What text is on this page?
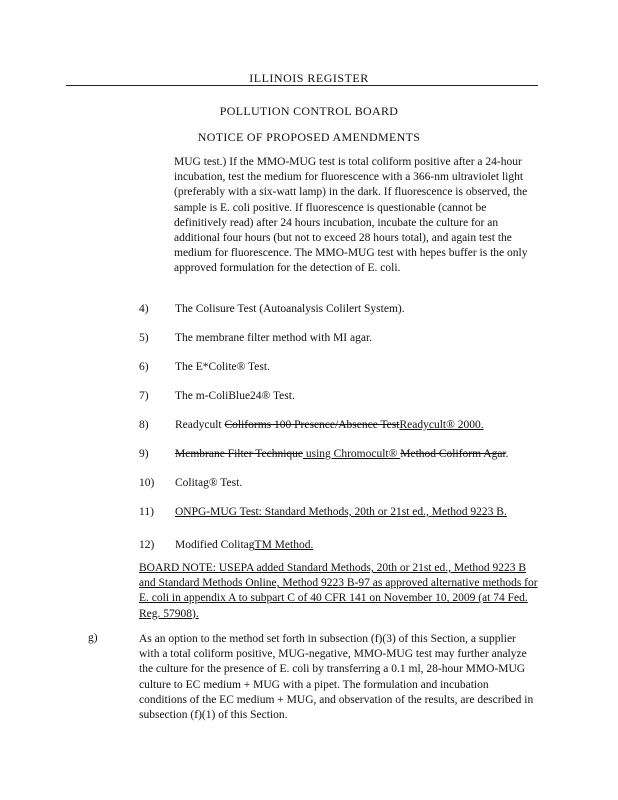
ILLINOIS REGISTER
POLLUTION CONTROL BOARD
NOTICE OF PROPOSED AMENDMENTS
MUG test.) If the MMO-MUG test is total coliform positive after a 24-hour incubation, test the medium for fluorescence with a 366-nm ultraviolet light (preferably with a six-watt lamp) in the dark. If fluorescence is observed, the sample is E. coli positive. If fluorescence is questionable (cannot be definitively read) after 24 hours incubation, incubate the culture for an additional four hours (but not to exceed 28 hours total), and again test the medium for fluorescence. The MMO-MUG test with hepes buffer is the only approved formulation for the detection of E. coli.
4) The Colisure Test (Autoanalysis Colilert System).
5) The membrane filter method with MI agar.
6) The E*Colite® Test.
7) The m-ColiBlue24® Test.
8) Readycult Coliforms 100 Presence/Absence TestReadycult® 2000.
9) Membrane Filter Technique using Chromocult® Method Coliform Agar.
10) Colitag® Test.
11) ONPG-MUG Test: Standard Methods, 20th or 21st ed., Method 9223 B.
12) Modified ColitagTM Method.
BOARD NOTE: USEPA added Standard Methods, 20th or 21st ed., Method 9223 B and Standard Methods Online, Method 9223 B-97 as approved alternative methods for E. coli in appendix A to subpart C of 40 CFR 141 on November 10, 2009 (at 74 Fed. Reg. 57908).
g)	As an option to the method set forth in subsection (f)(3) of this Section, a supplier with a total coliform positive, MUG-negative, MMO-MUG test may further analyze the culture for the presence of E. coli by transferring a 0.1 ml, 28-hour MMO-MUG culture to EC medium + MUG with a pipet. The formulation and incubation conditions of the EC medium + MUG, and observation of the results, are described in subsection (f)(1) of this Section.
